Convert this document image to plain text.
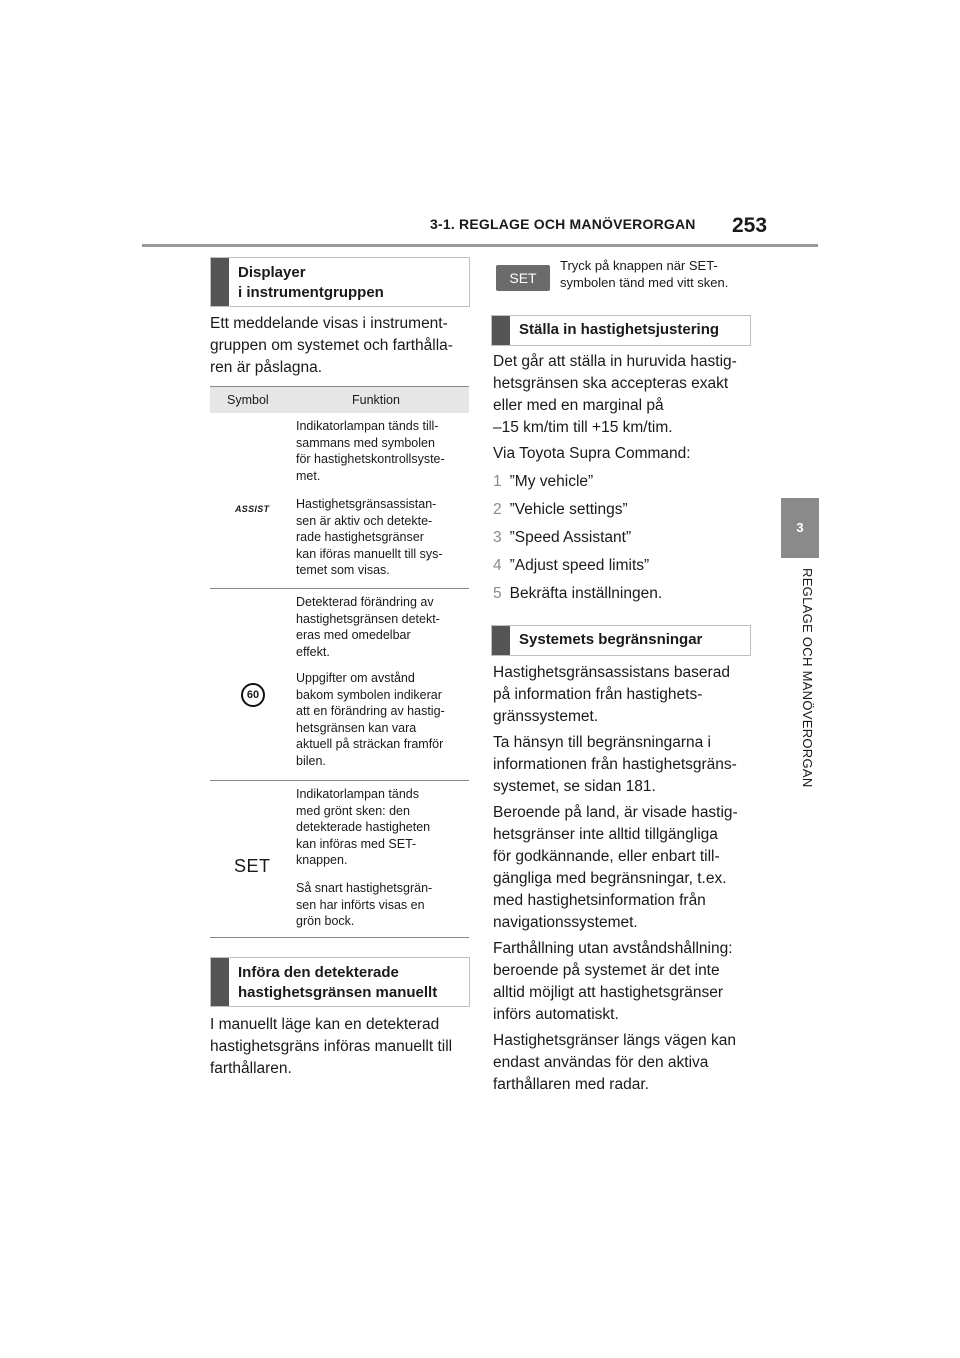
3-1. REGLAGE OCH MANÖVERORGAN 253
3
REGLAGE OCH MANÖVERORGAN
Displayer
i instrumentgruppen
Ett meddelande visas i instrument-
gruppen om systemet och farthålla-
ren är påslagna.
Symbol	Funktion
ASSIST
Indikatorlampan tänds till-
sammans med symbolen
för hastighetskontrollsyste-
met.
Hastighetsgränsassistan-
sen är aktiv och detekte-
rade hastighetsgränser
kan iföras manuellt till sys-
temet som visas.
60
Detekterad förändring av
hastighetsgränsen detekt-
eras med omedelbar
effekt.
Uppgifter om avstånd
bakom symbolen indikerar
att en förändring av hastig-
hetsgränsen kan vara
aktuell på sträckan framför
bilen.
SET
Indikatorlampan tänds
med grönt sken: den
detekterade hastigheten
kan införas med SET-
knappen.
Så snart hastighetsgrän-
sen har införts visas en
grön bock.
Införa den detekterade
hastighetsgränsen manuellt
I manuellt läge kan en detekterad
hastighetsgräns införas manuellt till
farthållaren.
SET
Tryck på knappen när SET-
symbolen tänd med vitt sken.
Ställa in hastighetsjustering
Det går att ställa in huruvida hastig-
hetsgränsen ska accepteras exakt
eller med en marginal på
–15 km/tim till +15 km/tim.
Via Toyota Supra Command:
1 ”My vehicle”
2 ”Vehicle settings”
3 ”Speed Assistant”
4 ”Adjust speed limits”
5 Bekräfta inställningen.
Systemets begränsningar
Hastighetsgränsassistans baserad
på information från hastighets-
gränssystemet.
Ta hänsyn till begränsningarna i
informationen från hastighetsgräns-
systemet, se sidan 181.
Beroende på land, är visade hastig-
hetsgränser inte alltid tillgängliga
för godkännande, eller enbart till-
gängliga med begränsningar, t.ex.
med hastighetsinformation från
navigationssystemet.
Farthållning utan avståndshållning:
beroende på systemet är det inte
alltid möjligt att hastighetsgränser
införs automatiskt.
Hastighetsgränser längs vägen kan
endast användas för den aktiva
farthållaren med radar.
